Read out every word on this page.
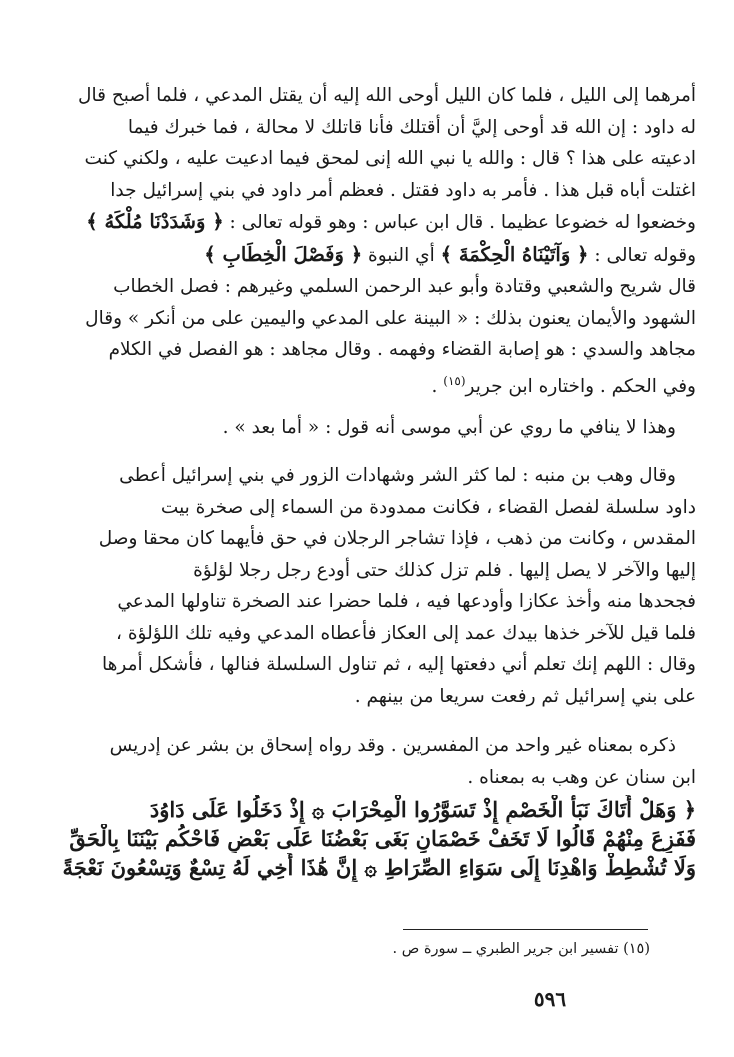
أمرهما إلى الليل ، فلما كان الليل أوحى الله إليه أن يقتل المدعي ، فلما أصبح قال
له داود : إن الله قد أوحى إليَّ أن أقتلك فأنا قاتلك لا محالة ، فما خبرك فيما
ادعيته على هذا ؟ قال : والله يا نبي الله إنى لمحق فيما ادعيت عليه ، ولكني كنت
اغتلت أباه قبل هذا . فأمر به داود فقتل . فعظم أمر داود في بني إسرائيل جدا
وخضعوا له خضوعا عظيما . قال ابن عباس : وهو قوله تعالى : ﴿ وَشَدَدْنَا مُلْكَهُ ﴾
وقوله تعالى : ﴿ وَآتَيْنَاهُ الْحِكْمَةَ ﴾ أي النبوة ﴿ وَفَصْلَ الْخِطَابِ ﴾
قال شريح والشعبي وقتادة وأبو عبد الرحمن السلمي وغيرهم : فصل الخطاب
الشهود والأيمان يعنون بذلك : « البينة على المدعي واليمين على من أنكر » وقال
مجاهد والسدي : هو إصابة القضاء وفهمه . وقال مجاهد : هو الفصل في الكلام
وفي الحكم . واختاره ابن جرير$^{(١٥)}$ .
وهذا لا ينافي ما روي عن أبي موسى أنه قول : « أما بعد » .
وقال وهب بن منبه : لما كثر الشر وشهادات الزور في بني إسرائيل أعطى
داود سلسلة لفصل القضاء ، فكانت ممدودة من السماء إلى صخرة بيت
المقدس ، وكانت من ذهب ، فإذا تشاجر الرجلان في حق فأيهما كان محقا وصل
إليها والآخر لا يصل إليها . فلم تزل كذلك حتى أودع رجل رجلا لؤلؤة
فجحدها منه وأخذ عكازا وأودعها فيه ، فلما حضرا عند الصخرة تناولها المدعي
فلما قيل للآخر خذها بيدك عمد إلى العكاز فأعطاه المدعي وفيه تلك اللؤلؤة ،
وقال : اللهم إنك تعلم أني دفعتها إليه ، ثم تناول السلسلة فنالها ، فأشكل أمرها
على بني إسرائيل ثم رفعت سريعا من بينهم .
ذكره بمعناه غير واحد من المفسرين . وقد رواه إسحاق بن بشر عن إدريس
ابن سنان عن وهب به بمعناه .
﴿ وَهَلْ أَتَاكَ نَبَأُ الْخَصْمِ إِذْ تَسَوَّرُوا الْمِحْرَابَ ۞ إِذْ دَخَلُوا عَلَى دَاوُدَ
فَفَزِعَ مِنْهُمْ قَالُوا لَا تَخَفْ خَصْمَانِ بَغَى بَعْضُنَا عَلَى بَعْضٍ فَاحْكُم بَيْنَنَا بِالْحَقِّ
وَلَا تُشْطِطْ وَاهْدِنَا إِلَى سَوَاءِ الصِّرَاطِ ۞ إِنَّ هَٰذَا أَخِي لَهُ تِسْعٌ وَتِسْعُونَ نَعْجَةً
(١٥) تفسير ابن جرير الطبري ــ سورة ص .
٥٩٦
